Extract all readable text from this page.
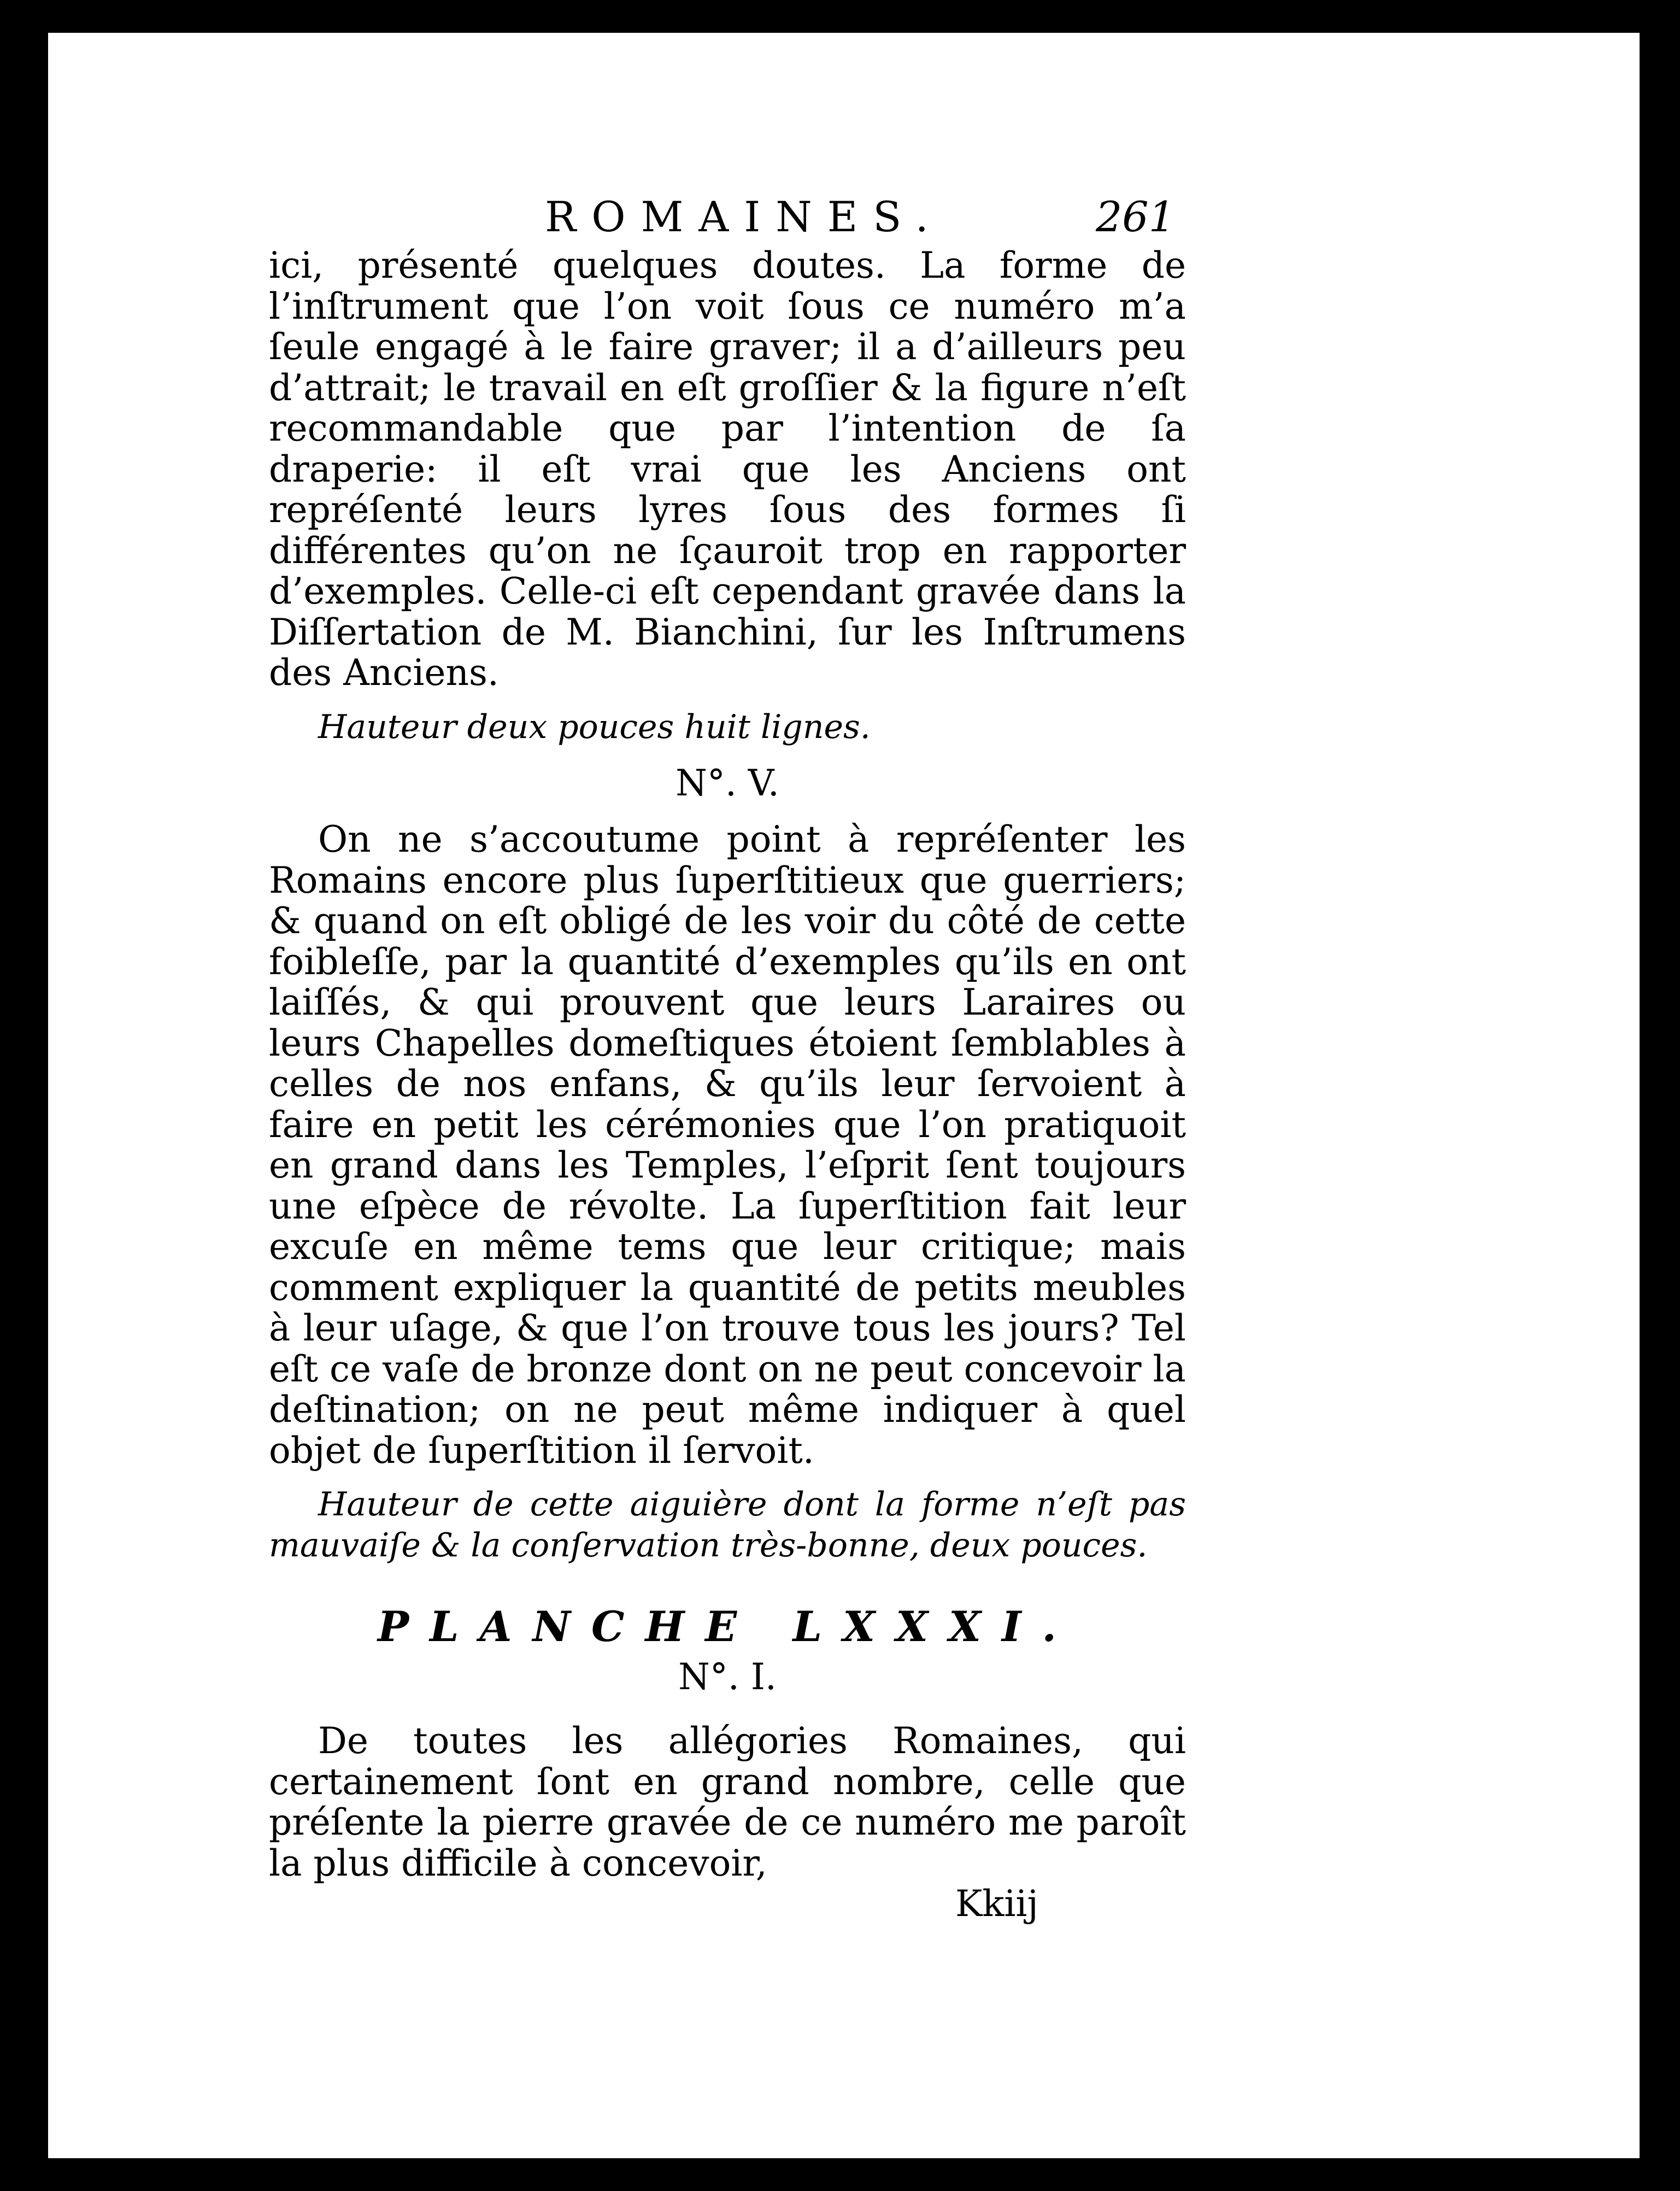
ROMAINES.	261

ici, présenté quelques doutes. La forme de l’inſtrument que l’on voit ſous ce numéro m’a ſeule engagé à le faire graver; il a d’ailleurs peu d’attrait; le travail en eſt groſſier & la figure n’eſt recommandable que par l’intention de ſa draperie: il eſt vrai que les Anciens ont repréſenté leurs lyres ſous des formes ſi différentes qu’on ne ſçauroit trop en rapporter d’exemples. Celle-ci eſt cependant gravée dans la Diſſertation de M. Bianchini, ſur les Inſtrumens des Anciens.

Hauteur deux pouces huit lignes.

N°. V.

On ne s’accoutume point à repréſenter les Romains encore plus ſuperſtitieux que guerriers; & quand on eſt obligé de les voir du côté de cette foibleſſe, par la quantité d’exemples qu’ils en ont laiſſés, & qui prouvent que leurs Laraires ou leurs Chapelles domeſtiques étoient ſemblables à celles de nos enfans, & qu’ils leur ſervoient à faire en petit les cérémonies que l’on pratiquoit en grand dans les Temples, l’eſprit ſent toujours une eſpèce de révolte. La ſuperſtition fait leur excuſe en même tems que leur critique; mais comment expliquer la quantité de petits meubles à leur uſage, & que l’on trouve tous les jours? Tel eſt ce vaſe de bronze dont on ne peut concevoir la deſtination; on ne peut même indiquer à quel objet de ſuperſtition il ſervoit.

Hauteur de cette aiguière dont la forme n’eſt pas mauvaiſe & la conſervation très-bonne, deux pouces.

PLANCHE LXXXI.
N°. I.

De toutes les allégories Romaines, qui certainement ſont en grand nombre, celle que préſente la pierre gravée de ce numéro me paroît la plus difficile à concevoir,

Kkiij
